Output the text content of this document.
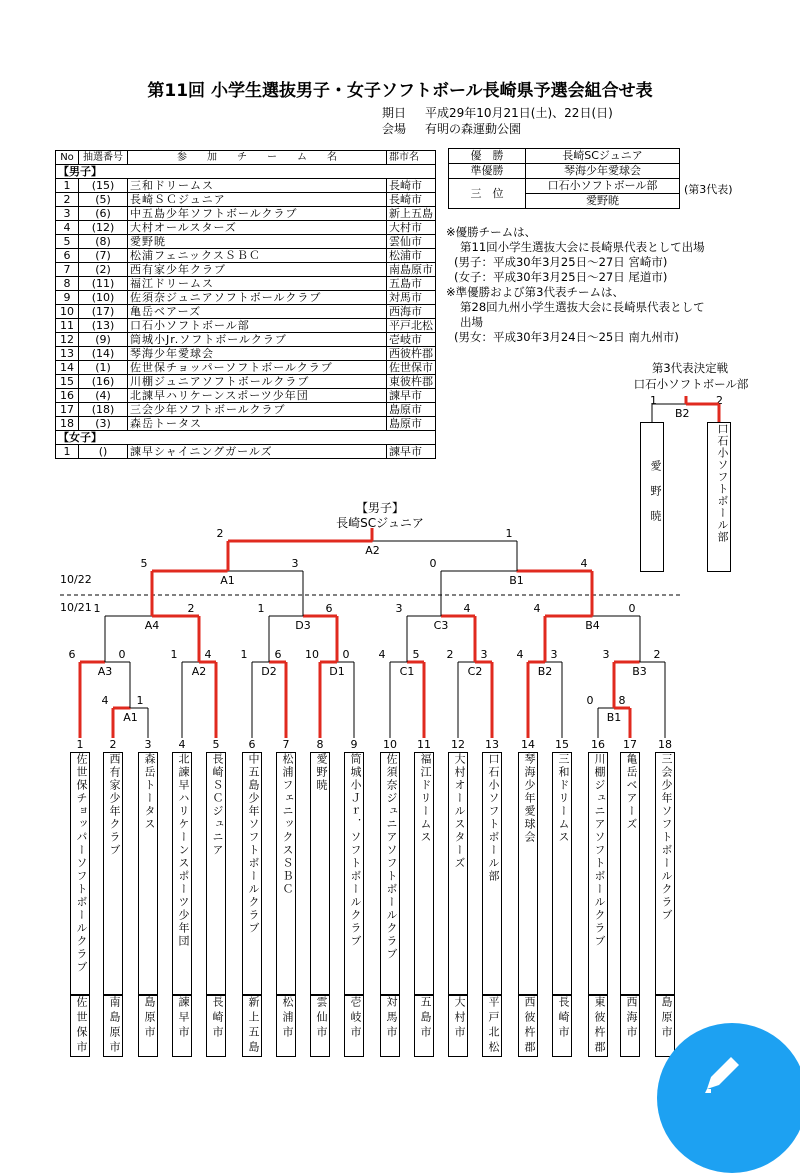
第11回 小学生選抜男子・女子ソフトボール長崎県予選会組合せ表
期日 平成29年10月21日(土)、22日(日)
会場 有明の森運動公園
No	抽選番号	参　　加　　チ　　ー　　ム　　名	郡市名
【男子】			
1	(15)	三和ドリームス	長崎市
2	(5)	長崎ＳＣジュニア	長崎市
3	(6)	中五島少年ソフトボールクラブ	新上五島
4	(12)	大村オールスターズ	大村市
5	(8)	愛野暁	雲仙市
6	(7)	松浦フェニックスＳＢＣ	松浦市
7	(2)	西有家少年クラブ	南島原市
8	(11)	福江ドリームス	五島市
9	(10)	佐須奈ジュニアソフトボールクラブ	対馬市
10	(17)	亀岳ベアーズ	西海市
11	(13)	口石小ソフトボール部	平戸北松
12	(9)	筒城小Jr.ソフトボールクラブ	壱岐市
13	(14)	琴海少年愛球会	西彼杵郡
14	(1)	佐世保チョッパーソフトボールクラブ	佐世保市
15	(16)	川棚ジュニアソフトボールクラブ	東彼杵郡
16	(4)	北諫早ハリケーンスポーツ少年団	諫早市
17	(18)	三会少年ソフトボールクラブ	島原市
18	(3)	森岳トータス	島原市
【女子】			
1	()	諫早シャイニングガールズ	諫早市
優　勝	長崎SCジュニア
準優勝	琴海少年愛球会
三　位	口石小ソフトボール部
	愛野暁
(第3代表)
※優勝チームは、
第11回小学生選抜大会に長崎県代表として出場
(男子：平成30年3月25日～27日 宮崎市)
(女子：平成30年3月25日～27日 尾道市)
※準優勝および第3代表チームは、
第28回九州小学生選抜大会に長崎県代表として
出場
(男女：平成30年3月24日～25日 南九州市)
第3代表決定戦
口石小ソフトボール部
1	2
B2
愛野暁	口石小ソフトボール部
A1
4	1
B1
0 8
A3
6	0
A2
1 4
D2
1 6
D1
10 0
C1
4 5
C2
2 3
B2
4 3
B3
3	2
A4
1	2
D3
1	6
C3
3	4
B4
4	0
A1
5	3
B1
0	4
A2
2	1
【男子】
長崎SCジュニア
10/22
10/21
1
佐世保チョッパーソフトボールクラブ
佐世保市
2
西有家少年クラブ
南島原市
3
森岳トータス
島原市
4
北諫早ハリケーンスポーツ少年団
諫早市
5
長崎ＳＣジュニア
長崎市
6
中五島少年ソフトボールクラブ
新上五島
7
松浦フェニックスＳＢＣ
松浦市
8
愛野暁
雲仙市
9
筒城小Ｊｒ．ソフトボールクラブ
壱岐市
10
佐須奈ジュニアソフトボールクラブ
対馬市
11
福江ドリームス
五島市
12
大村オールスターズ
大村市
13
口石小ソフトボール部
平戸北松
14
琴海少年愛球会
西彼杵郡
15
三和ドリームス
長崎市
16
川棚ジュニアソフトボールクラブ
東彼杵郡
17
亀岳ベアーズ
西海市
18
三会少年ソフトボールクラブ
島原市
